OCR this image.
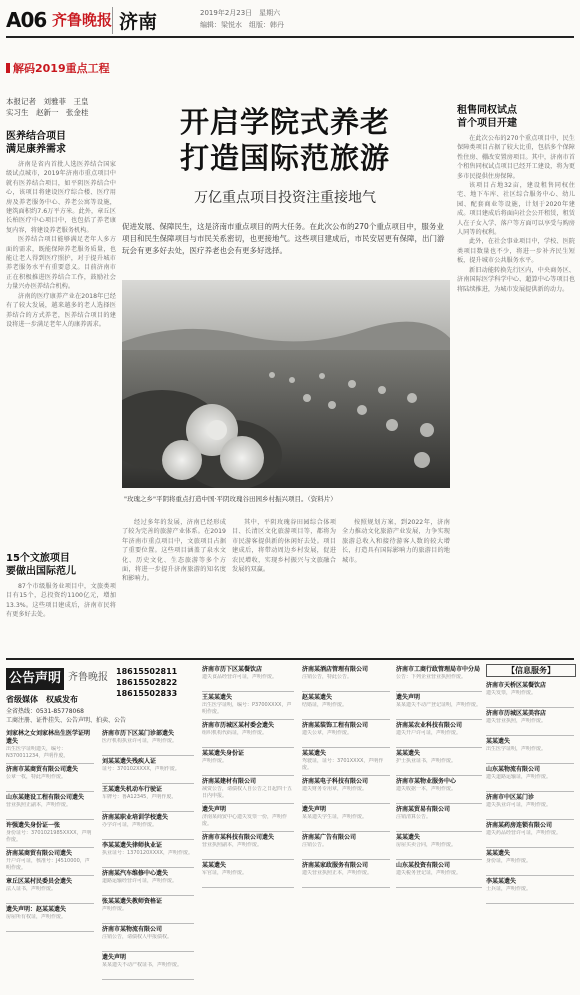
A06 齐鲁晚报 济南	2019年2月23日　星期六
编辑：梁悦水　组版：韩丹
解码2019重点工程
本报记者　刘雅菲　王皇
实习生　赵新一　张金桂	开启学院式养老
打造国际范旅游
万亿重点项目投资注重接地气
促进发展、保障民生，这是济南市重点项目的两大任务。在此次公布的270个重点项目中，服务业项目和民生保障项目与市民关系密切，也更接地气。这些项目建成后，市民安居更有保障，出门游玩会有更多好去处，医疗养老也会有更多好选择。
医养结合项目
满足康养需求

济南是省内首批人选医养结合国家级试点城市，2019年济南市重点项目中就有医养结合项目，如平阴医养结合中心，该项目将建设医疗综合楼、医疗用房及养老服务中心、养老公寓等设施，建筑面积约7.6万平方米。此外，章丘区长柏医疗中心项目中，也包括了养老康复内容，将建设养老服务机构。

医养结合项目能够满足老年人多方面的需求，既能保障养老服务质量，也能让老人得到医疗照护，对于提升城市养老服务水平有重要意义。目前济南市正在积极推进医养结合工作，鼓励社会力量兴办医养结合机构。

济南的医疗康养产业在2018年已经有了较大发展，越来越多的老人选择医养结合的方式养老，医养结合项目的建设将进一步满足老年人的康养需求。

15个文旅项目
要做出国际范儿

87个市级服务业项目中，文旅类项目有15个，总投资约1100亿元，增加13.3%。这些项目建成后，济南市民将有更多好去处。

"玫瑰之乡"平阴将重点打造中国·平阴玫瑰谷田园乡村振兴项目。（资料片）

经过多年的发展，济南已经形成了较为完善的旅游产业体系。在2019年济南市重点项目中，文旅项目占据了重要位置。这些项目涵盖了泉水文化、历史文化、生态旅游等多个方面，将进一步提升济南旅游的知名度和影响力。

其中，平阴玫瑰谷田园综合体项目、长清区文化旅游项目等，都将为市民游客提供新的休闲好去处。项目建成后，将带动周边乡村发展，促进农民增收，实现乡村振兴与文旅融合发展的双赢。

按照规划方案，到2022年，济南全力推动文化旅游产业发展，力争实现旅游总收入和接待游客人数的较大增长，打造具有国际影响力的旅游目的地城市。

租售同权试点
首个项目开建

在此次公布的270个重点项目中，民生保障类项目占据了较大比重，包括多个保障性住房、棚改安置房项目。其中，济南市首个租售同权试点项目已经开工建设，将为更多市民提供住房保障。

该项目占地32亩，建设租售同权住宅、地下车库、社区综合服务中心、幼儿园、配套商业等设施，计划于2020年建成。项目建成后将面向社会公开租赁，租赁人在子女入学、落户等方面可以享受与购房人同等的权利。

此外，在社会事业项目中，学校、医院类项目数量也不少，将进一步补齐民生短板，提升城市公共服务水平。

新旧动能转换先行区内，中央商务区、济南国际医学科学中心、超算中心等项目也将陆续推进，为城市发展提供新的动力。

公告声明 齐鲁晚报
18615502811
18615502822
18615502833
省级媒体　权威发布
全省热线：0531-85778068
工商注册、证件挂失、公告声明、拍卖、公告
刘家林之女刘家林出生医学证明遗失
出生医学证明遗失，编号：N370011234，声明作废。
济南市某商贸有限公司遗失
公章一枚，特此声明作废。
山东某建设工程有限公司遗失
营业执照正副本，声明作废。
许强遗失身份证一张
身份证号：3701021985XXXX，声明作废。
济南某商贸有限公司遗失
开户许可证，核准号：J4510000，声明作废。
章丘区某村民委员会遗失
法人证书，声明作废。
遗失声明：赵某某遗失
房屋所有权证，声明作废。
济南市历下区某门诊部遗失
医疗机构执业许可证，声明作废。
刘某某遗失残疾人证
证号：370102XXXX，声明作废。
王某遗失机动车行驶证
车牌号：鲁A12345，声明作废。
济南某职业培训学校遗失
办学许可证，声明作废。
李某某遗失律师执业证
执业证号：1370120XXXX，声明作废。
济南某汽车维修中心遗失
道路运输经营许可证，声明作废。
张某某遗失教师资格证
声明作废。
济南市某物流有限公司
注销公告，请债权人申报债权。
遗失声明
某某遗失不动产权证书，声明作废。
济南市历下区某餐饮店
遗失食品经营许可证，声明作废。
王某某遗失
出生医学证明，编号：P3700XXXX，声明作废。
济南市历城区某村委会遗失
组织机构代码证，声明作废。
某某遗失身份证
声明作废。
济南某建材有限公司
减资公告，请债权人自公告之日起四十五日内申报。
遗失声明
济南某商贸中心遗失发票一份，声明作废。
济南市某科技有限公司遗失
营业执照副本，声明作废。
某某遗失
军官证，声明作废。
济南某酒店管理有限公司
注销公告，特此公告。
赵某某遗失
结婚证，声明作废。
济南某装饰工程有限公司
遗失公章，声明作废。
某某遗失
驾驶证，证号：3701XXXX，声明作废。
济南某电子科技有限公司
遗失财务专用章，声明作废。
遗失声明
某某遗失学生证，声明作废。
济南某广告有限公司
注销公告。
济南某家政服务有限公司
遗失营业执照正本，声明作废。
济南市工商行政管理局市中分局
公告：下列企业营业执照作废。
遗失声明
某某遗失不动产登记证明，声明作废。
济南某农业科技有限公司
遗失开户许可证，声明作废。
某某遗失
护士执业证书，声明作废。
济南市某物业服务中心
遗失收据一本，声明作废。
济南某贸易有限公司
注销清算公告。
某某遗失
房屋买卖合同，声明作废。
山东某投资有限公司
遗失税务登记证，声明作废。
【信息服务】
济南市天桥区某餐饮店
遗失发票，声明作废。
济南市历城区某美容店
遗失营业执照，声明作废。
某某遗失
出生医学证明，声明作废。
山东某物流有限公司
遗失道路运输证，声明作废。
济南市中区某门诊
遗失执业许可证，声明作废。
济南某药房连锁有限公司
遗失药品经营许可证，声明作废。
某某遗失
身份证，声明作废。
李某某遗失
士兵证，声明作废。
